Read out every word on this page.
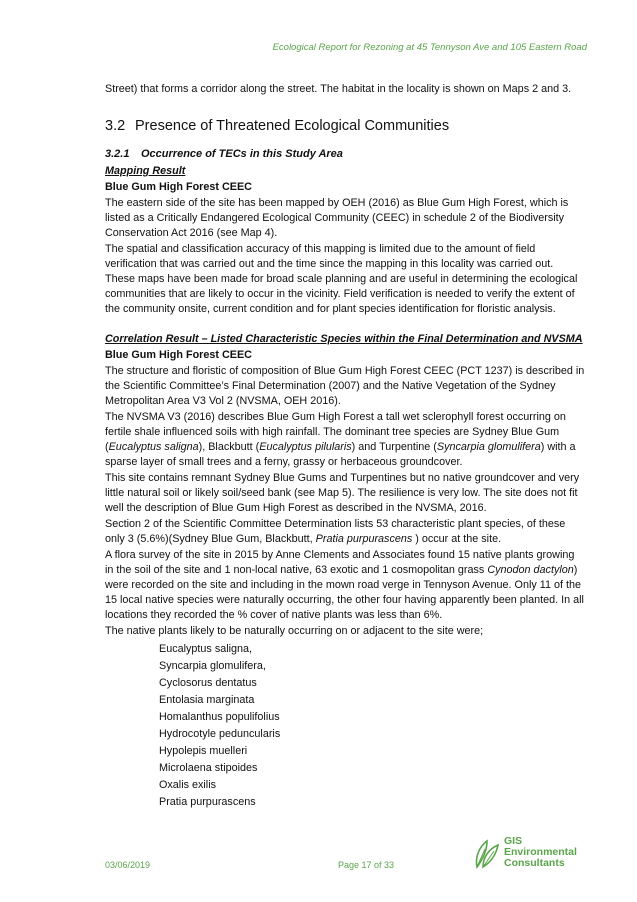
Ecological Report for Rezoning at 45 Tennyson Ave and 105 Eastern Road

Street) that forms a corridor along the street. The habitat in the locality is shown on Maps 2 and 3.

3.2 Presence of Threatened Ecological Communities
3.2.1	Occurrence of TECs in this Study Area

Mapping Result

Blue Gum High Forest CEEC

The eastern side of the site has been mapped by OEH (2016) as Blue Gum High Forest, which is listed as a Critically Endangered Ecological Community (CEEC) in schedule 2 of the Biodiversity Conservation Act 2016 (see Map 4).

The spatial and classification accuracy of this mapping is limited due to the amount of field verification that was carried out and the time since the mapping in this locality was carried out. These maps have been made for broad scale planning and are useful in determining the ecological communities that are likely to occur in the vicinity. Field verification is needed to verify the extent of the community onsite, current condition and for plant species identification for floristic analysis.

Correlation Result – Listed Characteristic Species within the Final Determination and NVSMA

Blue Gum High Forest CEEC

The structure and floristic of composition of Blue Gum High Forest CEEC (PCT 1237) is described in the Scientific Committee’s Final Determination (2007) and the Native Vegetation of the Sydney Metropolitan Area V3 Vol 2 (NVSMA, OEH 2016).

The NVSMA V3 (2016) describes Blue Gum High Forest a tall wet sclerophyll forest occurring on fertile shale influenced soils with high rainfall. The dominant tree species are Sydney Blue Gum (Eucalyptus saligna), Blackbutt (Eucalyptus pilularis) and Turpentine (Syncarpia glomulifera) with a sparse layer of small trees and a ferny, grassy or herbaceous groundcover.

This site contains remnant Sydney Blue Gums and Turpentines but no native groundcover and very little natural soil or likely soil/seed bank (see Map 5). The resilience is very low. The site does not fit well the description of Blue Gum High Forest as described in the NVSMA, 2016.

Section 2 of the Scientific Committee Determination lists 53 characteristic plant species, of these only 3 (5.6%)(Sydney Blue Gum, Blackbutt, Pratia purpurascens ) occur at the site.

A flora survey of the site in 2015 by Anne Clements and Associates found 15 native plants growing in the soil of the site and 1 non-local native, 63 exotic and 1 cosmopolitan grass Cynodon dactylon) were recorded on the site and including in the mown road verge in Tennyson Avenue. Only 11 of the 15 local native species were naturally occurring, the other four having apparently been planted. In all locations they recorded the % cover of native plants was less than 6%.

The native plants likely to be naturally occurring on or adjacent to the site were;

Eucalyptus saligna,
Syncarpia glomulifera,
Cyclosorus dentatus
Entolasia marginata
Homalanthus populifolius
Hydrocotyle peduncularis
Hypolepis muelleri
Microlaena stipoides
Oxalis exilis
Pratia purpurascens
03/06/2019	Page 17 of 33
GIS
Environmental
Consultants
